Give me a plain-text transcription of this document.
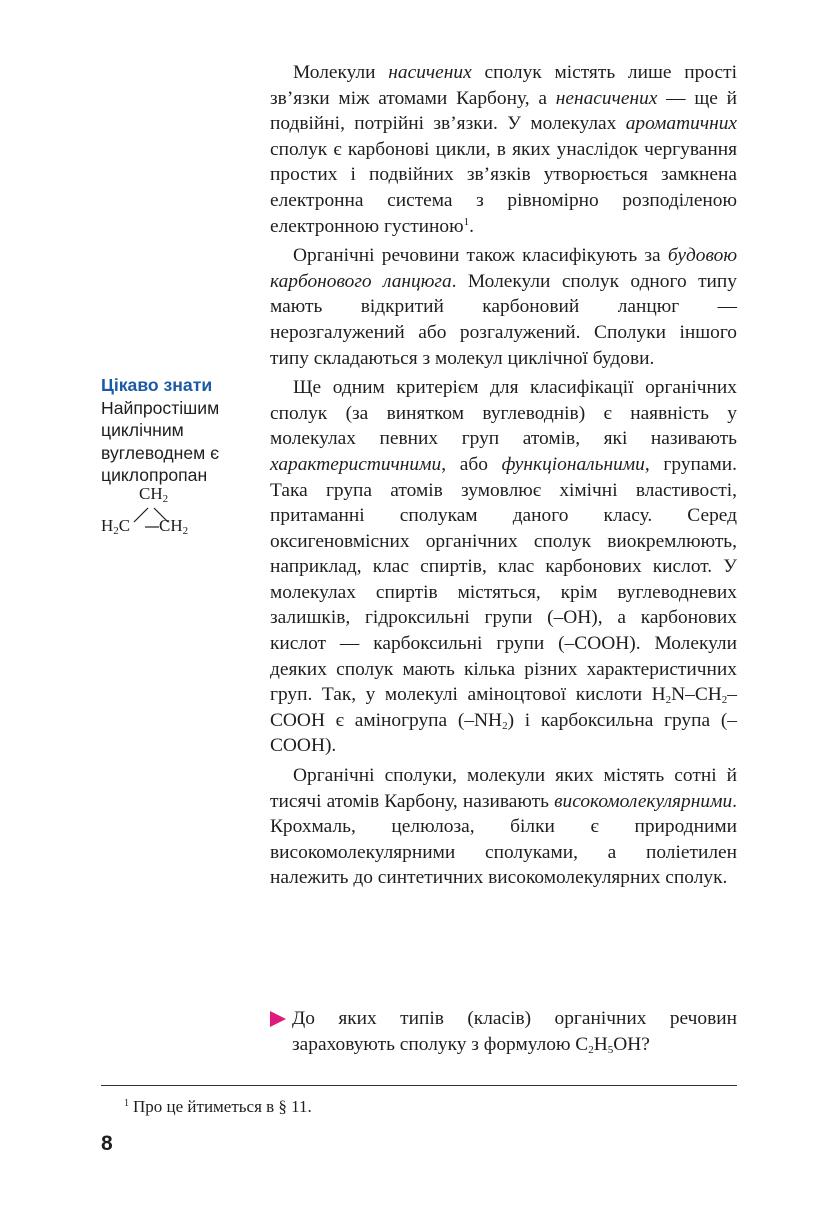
Молекули насичених сполук містять лише прості зв’язки між атомами Карбону, а ненасичених — ще й подвійні, потрійні зв’язки. У молекулах ароматичних сполук є карбонові цикли, в яких унаслідок чергування простих і подвійних зв’язків утворюється замкнена електронна система з рівномірно розподіленою електронною густиною$^1$.

Органічні речовини також класифікують за будовою карбонового ланцюга. Молекули сполук одного типу мають відкритий карбоновий ланцюг — нерозгалужений або розгалужений. Сполуки іншого типу складаються з молекул циклічної будови.

Ще одним критерієм для класифікації органічних сполук (за винятком вуглеводнів) є наявність у молекулах певних груп атомів, які називають характеристичними, або функціональними, групами. Така група атомів зумовлює хімічні властивості, притаманні сполукам даного класу. Серед оксигеновмісних органічних сполук виокремлюють, наприклад, клас спиртів, клас карбонових кислот. У молекулах спиртів містяться, крім вуглеводневих залишків, гідроксильні групи (–OH), а карбонових кислот — карбоксильні групи (–COOH). Молекули деяких сполук мають кілька різних характеристичних груп. Так, у молекулі аміноцтової кислоти $H_2N-CH_2$–COOH є аміногрупа $(-NH_2)$ і карбоксильна група (–COOH).

Органічні сполуки, молекули яких містять сотні й тисячі атомів Карбону, називають високомолекулярними. Крохмаль, целюлоза, білки є природними високомолекулярними сполуками, а поліетилен належить до синтетичних високомолекулярних сполук.

Цікаво знати
Найпростішим циклічним вуглеводнем є циклопропан
$CH_2$
$H_2C$ $CH_2$
До яких типів (класів) органічних речовин зараховують сполуку з формулою $C_2H_5OH$?
$^1$ Про це йтиметься в § 11.
8
